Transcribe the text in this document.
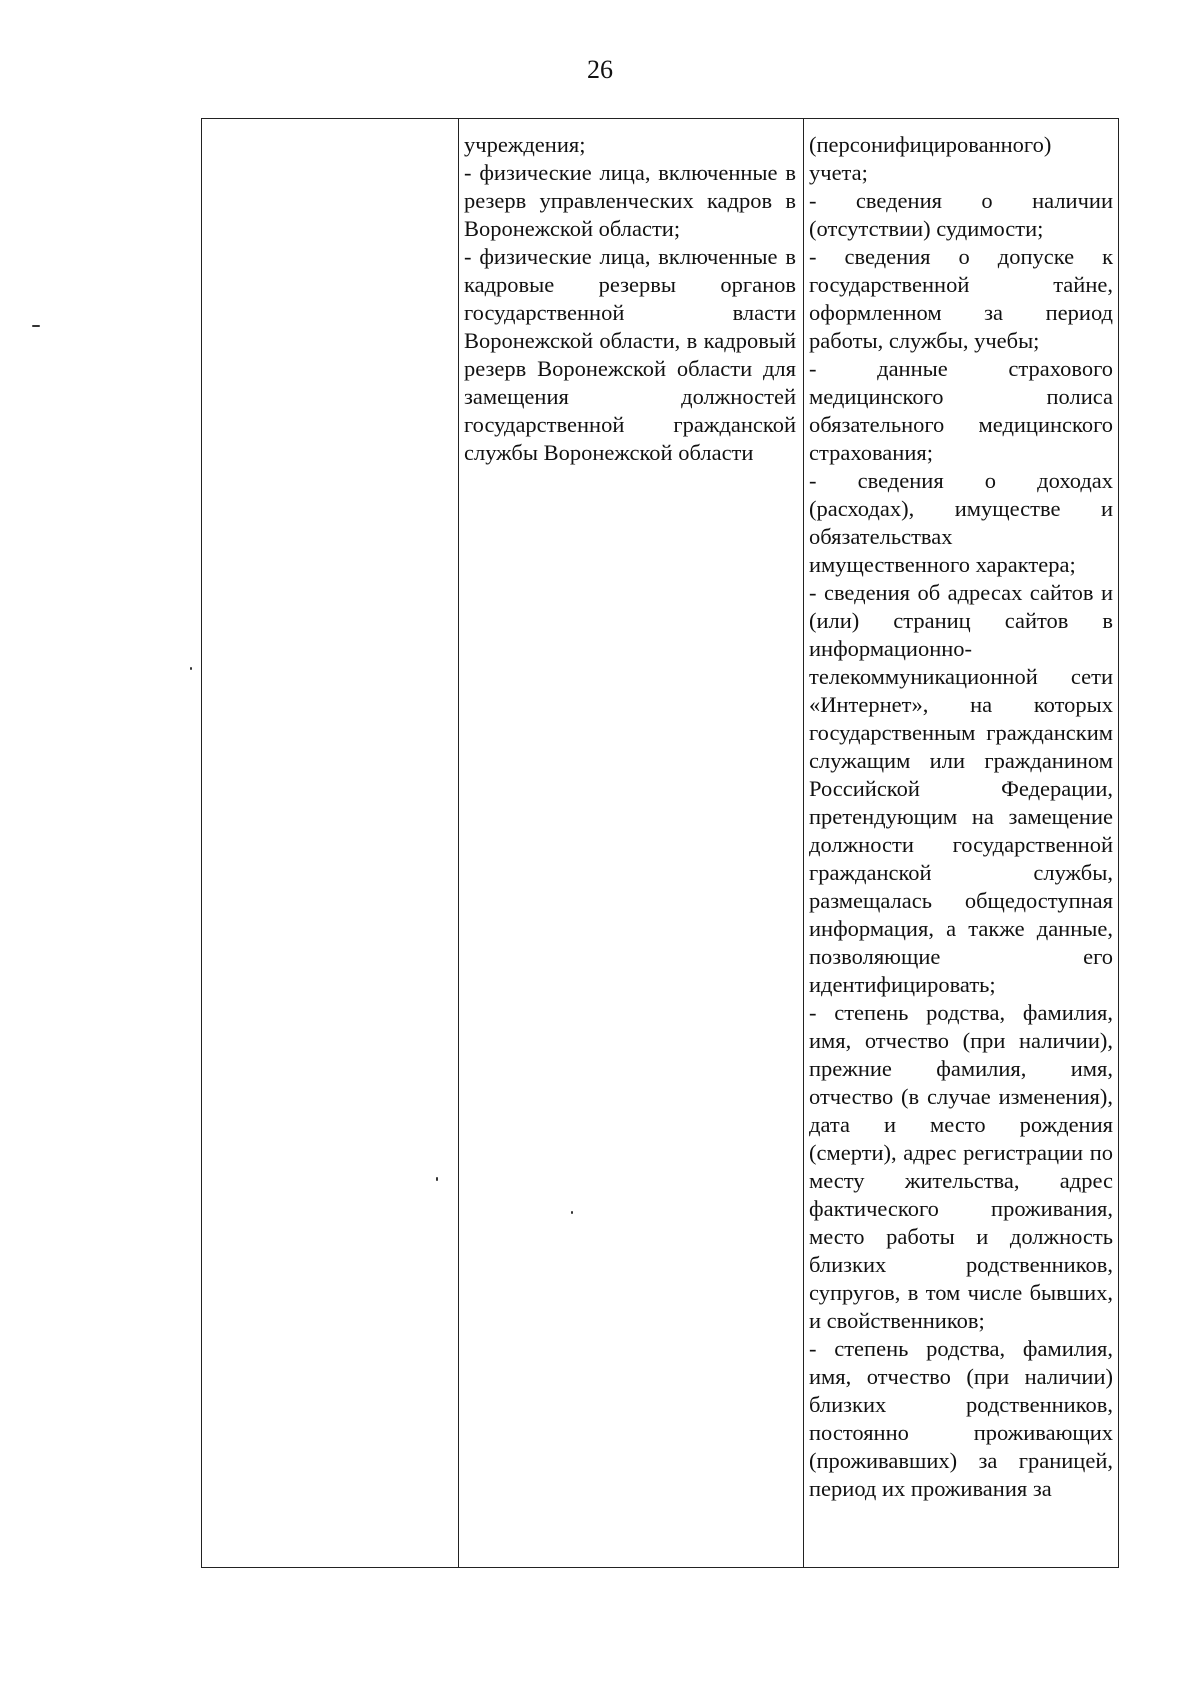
26

учреждения;

- физические лица, включенные в резерв управленческих кадров в Воронежской области;

- физические лица, включенные в кадровые резервы органов государственной власти Воронежской области, в кадровый резерв Воронежской области для замещения должностей государственной гражданской службы Воронежской области

(персонифицированного) учета;

- сведения о наличии (отсутствии) судимости;

- сведения о допуске к государственной тайне, оформленном за период работы, службы, учебы;

- данные страхового медицинского полиса обязательного медицинского страхования;

- сведения о доходах (расходах), имуществе и обязательствах имущественного характера;

- сведения об адресах сайтов и (или) страниц сайтов в информационно-телекоммуникационной сети «Интернет», на которых государственным гражданским служащим или гражданином Российской Федерации, претендующим на замещение должности государственной гражданской службы, размещалась общедоступная информация, а также данные, позволяющие его идентифицировать;

- степень родства, фамилия, имя, отчество (при наличии), прежние фамилия, имя, отчество (в случае изменения), дата и место рождения (смерти), адрес регистрации по месту жительства, адрес фактического проживания, место работы и должность близких родственников, супругов, в том числе бывших, и свойственников;

- степень родства, фамилия, имя, отчество (при наличии) близких родственников, постоянно проживающих (проживавших) за границей, период их проживания за
